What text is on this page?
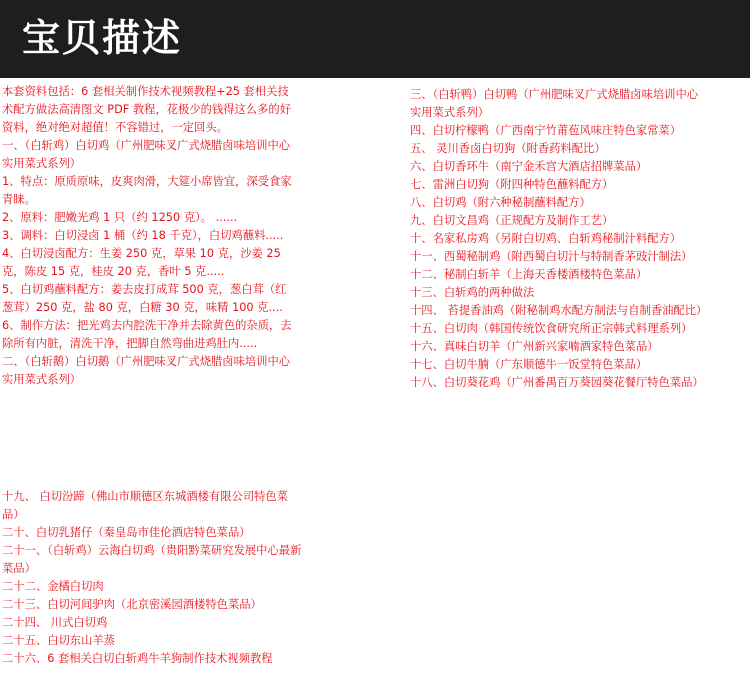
宝贝描述

本套资料包括：6 套相关制作技术视频教程+25 套相关技术配方做法高清图文 PDF 教程，花极少的钱得这么多的好资料，绝对绝对超值！不容错过，一定回头。

一、（白斩鸡）白切鸡（广州肥味叉广式烧腊卤味培训中心实用菜式系列）

1、特点：原质原味，皮爽肉滑，大筵小席皆宜，深受食家青睐。

2、原料：肥嫩光鸡 1 只（约 1250 克）。 ......

3、调料：白切浸卤 1 桶（约 18 千克），白切鸡蘸料.....

4、白切浸卤配方：生姜 250 克，草果 10 克，沙姜 25 克，陈皮 15 克，桂皮 20 克，香叶 5 克.....

5、白切鸡蘸料配方：姜去皮打成茸 500 克，葱白茸（红葱茸）250 克，盐 80 克，白糖 30 克，味精 100 克....

6、制作方法：把光鸡去内腔洗干净并去除黄色的杂质，去除所有内脏，清洗干净，把脚自然弯曲进鸡肚内.....

二、（白斩鹅）白切鹅（广州肥味叉广式烧腊卤味培训中心实用菜式系列）

三、（白斩鸭）白切鸭（广州肥味叉广式烧腊卤味培训中心实用菜式系列）

四、白切柠檬鸭（广西南宁竹莆苞风味庄特色家常菜）

五、 灵川香卤白切狗（附香药料配比）

六、白切香环牛（南宁金禾宫大酒店招牌菜品）

七、雷洲白切狗（附四种特色蘸料配方）

八、白切鸡（附六种秘制蘸料配方）

九、白切文昌鸡（正规配方及制作工艺）

十、名家私房鸡（另附白切鸡、白斩鸡秘制汁料配方）

十一、西蜀秘制鸡（附西蜀白切汁与特制香茅豉汁制法）

十二、秘制白斩羊（上海天香楼酒楼特色菜品）

十三、白斩鸡的两种做法

十四、 苔提香油鸡（附秘制鸡水配方制法与自制香油配比）

十五、白切肉（韩国传统饮食研究所正宗韩式料理系列）

十六、真味白切羊（广州新兴家喃酒家特色菜品）

十七、白切牛腩（广东顺德牛一饭堂特色菜品）

十八、白切葵花鸡（广州番禺百万葵园葵花餐厅特色菜品）

十九、 白切汾蹄（佛山市顺德区东城酒楼有限公司特色菜品）

二十、白切乳猪仔（秦皇岛市佳伦酒店特色菜品）

二十一、（白斩鸡）云海白切鸡（贵阳黔菜研究发展中心最新菜品）

二十二、金橘白切肉

二十三、白切河间驴肉（北京密溪园酒楼特色菜品）

二十四、 川式白切鸡

二十五、白切东山羊蒸

二十六、6 套相关白切白斩鸡牛羊狗制作技术视频教程
